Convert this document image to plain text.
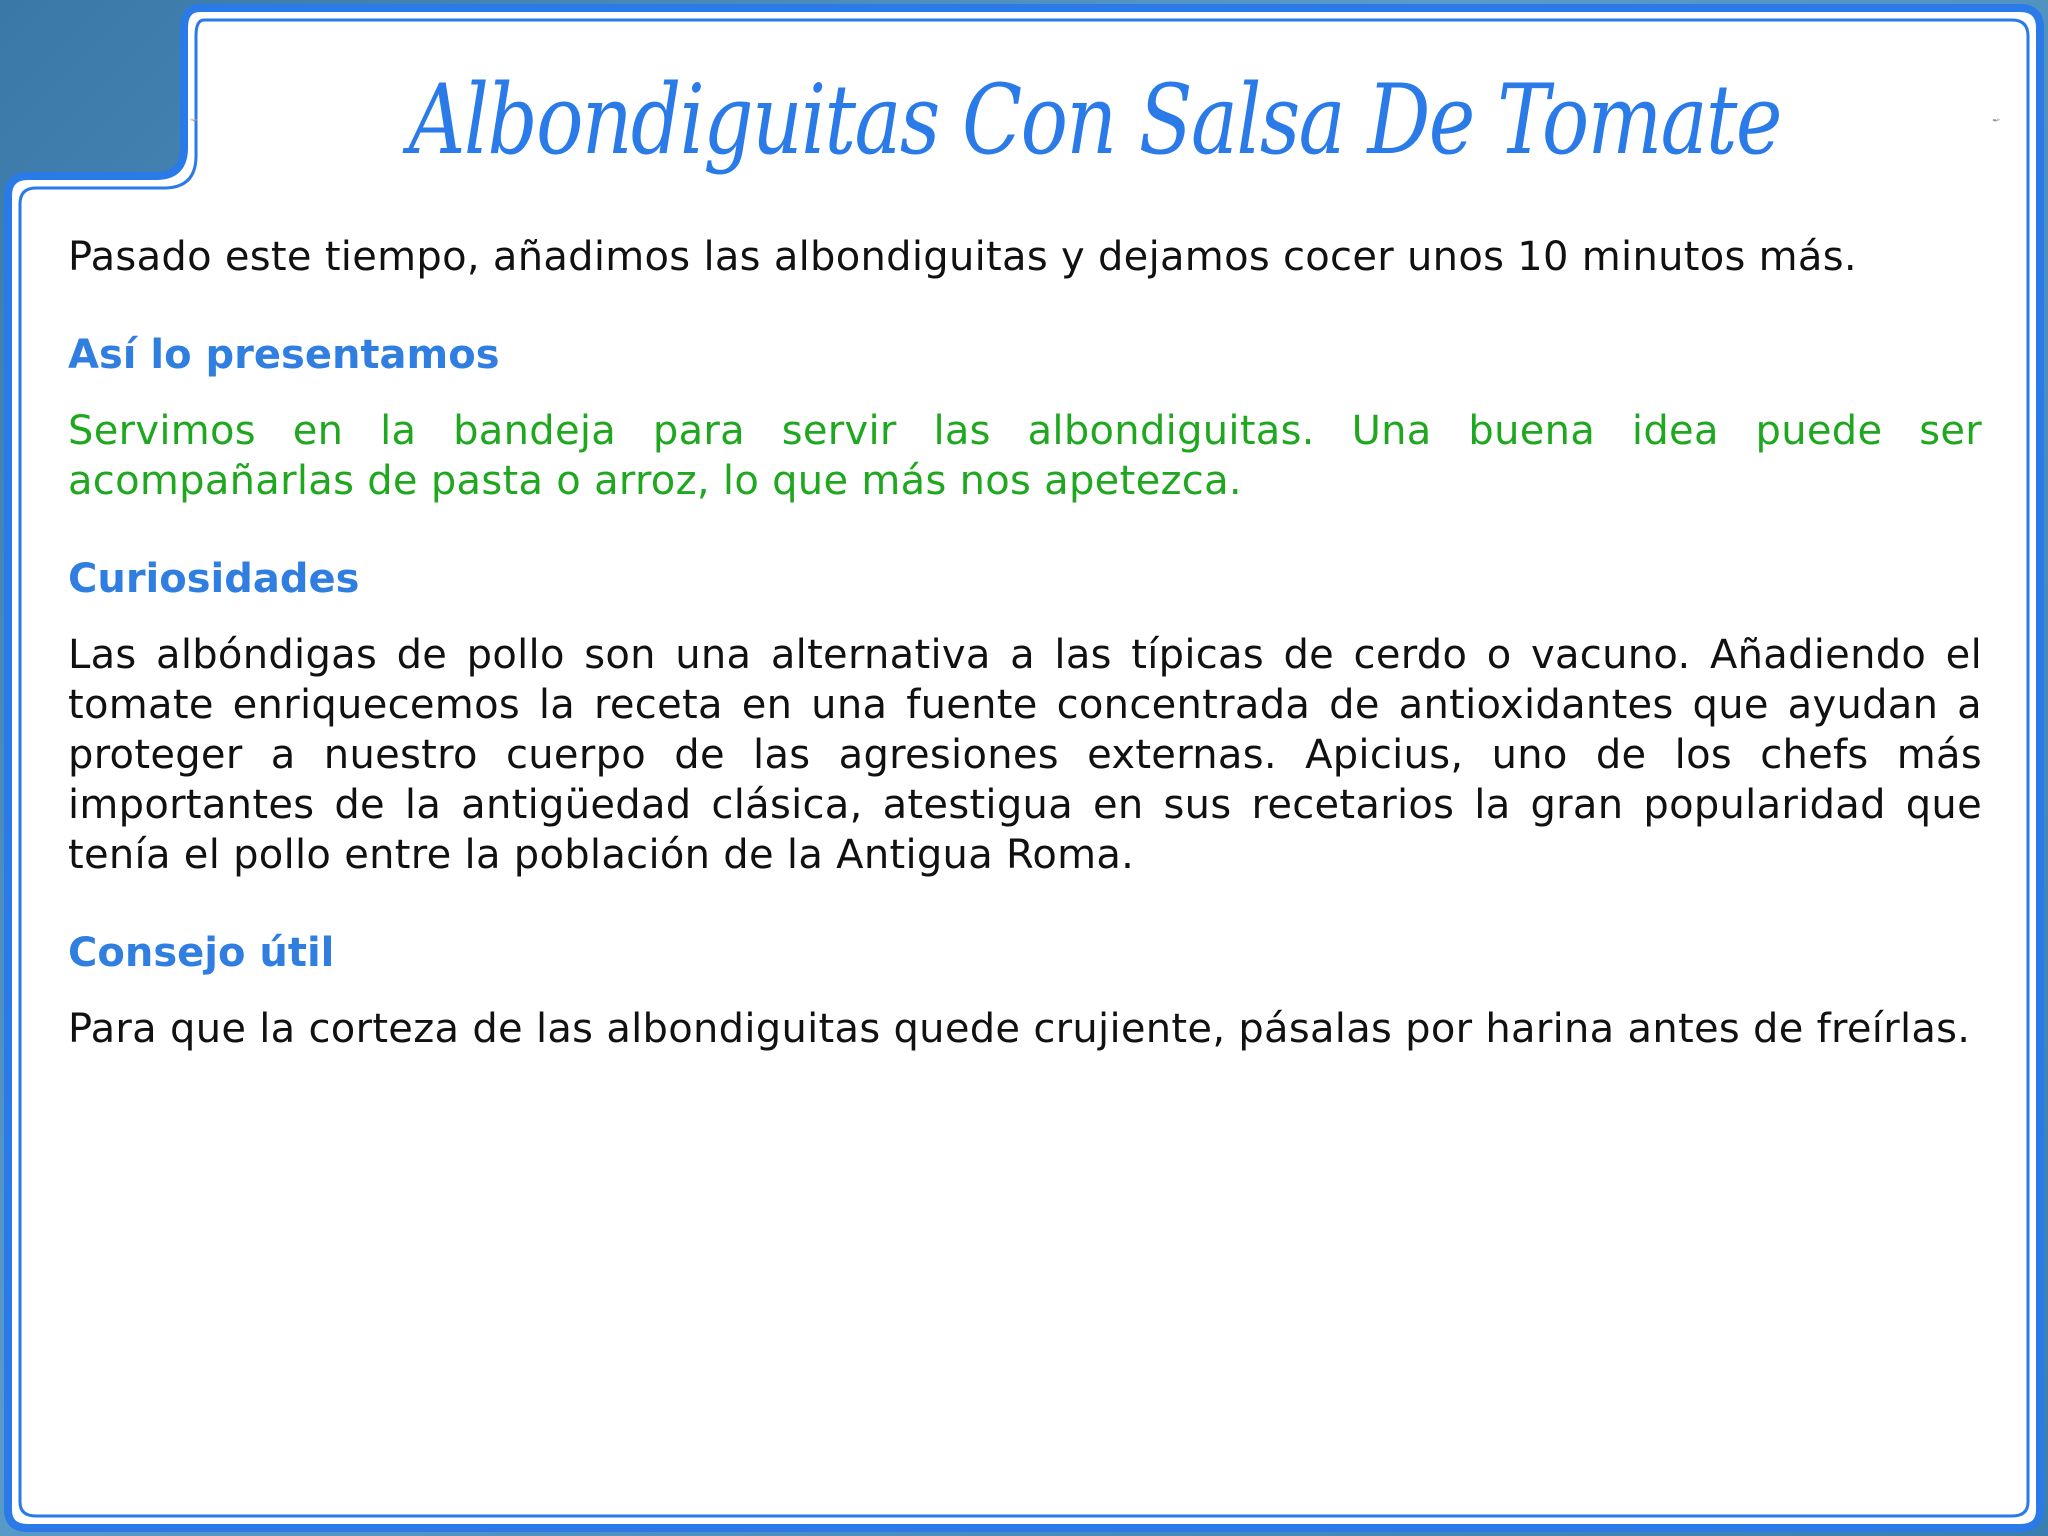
Albondiguitas Con Salsa De Tomate

Pasado este tiempo, añadimos las albondiguitas y dejamos cocer unos 10 minutos más.

Así lo presentamos

Servimos en la bandeja para servir las albondiguitas. Una buena idea puede ser acompañarlas de pasta o arroz, lo que más nos apetezca.

Curiosidades

Las albóndigas de pollo son una alternativa a las típicas de cerdo o vacuno. Añadiendo el tomate enriquecemos la receta en una fuente concentrada de antioxidantes que ayudan a proteger a nuestro cuerpo de las agresiones externas. Apicius, uno de los chefs más importantes de la antigüedad clásica, atestigua en sus recetarios la gran popularidad que tenía el pollo entre la población de la Antigua Roma.

Consejo útil

Para que la corteza de las albondiguitas quede crujiente, pásalas por harina antes de freírlas.
